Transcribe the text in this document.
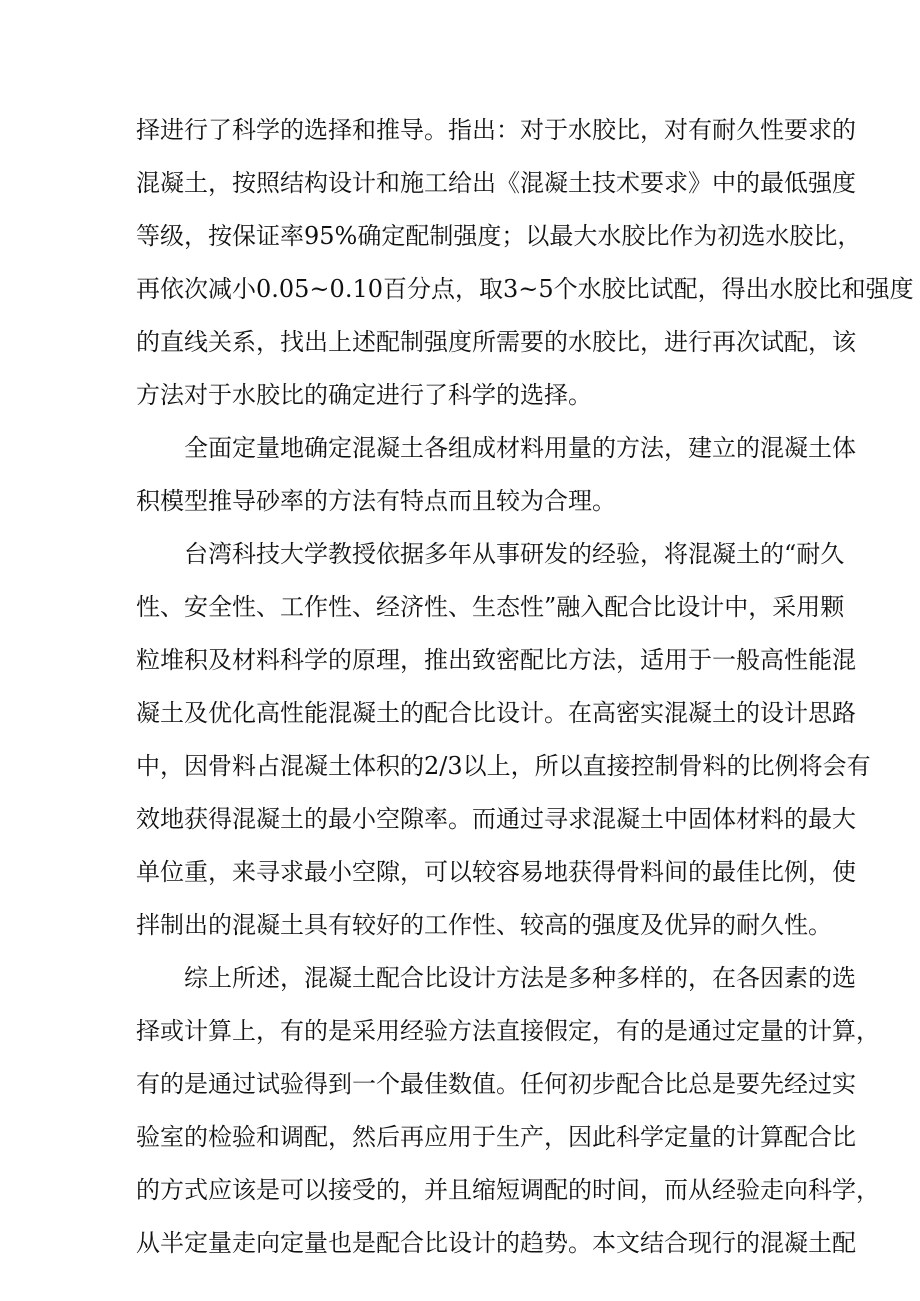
择进行了科学的选择和推导。指出：对于水胶比，对有耐久性要求的
混凝土，按照结构设计和施工给出《混凝土技术要求》中的最低强度
等级，按保证率95%确定配制强度；以最大水胶比作为初选水胶比，
再依次减小0.05~0.10百分点，取3~5个水胶比试配，得出水胶比和强度
的直线关系，找出上述配制强度所需要的水胶比，进行再次试配，该
方法对于水胶比的确定进行了科学的选择。
全面定量地确定混凝土各组成材料用量的方法，建立的混凝土体
积模型推导砂率的方法有特点而且较为合理。
台湾科技大学教授依据多年从事研发的经验，将混凝土的“耐久
性、安全性、工作性、经济性、生态性”融入配合比设计中，采用颗
粒堆积及材料科学的原理，推出致密配比方法，适用于一般高性能混
凝土及优化高性能混凝土的配合比设计。在高密实混凝土的设计思路
中，因骨料占混凝土体积的2/3以上，所以直接控制骨料的比例将会有
效地获得混凝土的最小空隙率。而通过寻求混凝土中固体材料的最大
单位重，来寻求最小空隙，可以较容易地获得骨料间的最佳比例，使
拌制出的混凝土具有较好的工作性、较高的强度及优异的耐久性。
综上所述，混凝土配合比设计方法是多种多样的，在各因素的选
择或计算上，有的是采用经验方法直接假定，有的是通过定量的计算，
有的是通过试验得到一个最佳数值。任何初步配合比总是要先经过实
验室的检验和调配，然后再应用于生产，因此科学定量的计算配合比
的方式应该是可以接受的，并且缩短调配的时间，而从经验走向科学，
从半定量走向定量也是配合比设计的趋势。本文结合现行的混凝土配
